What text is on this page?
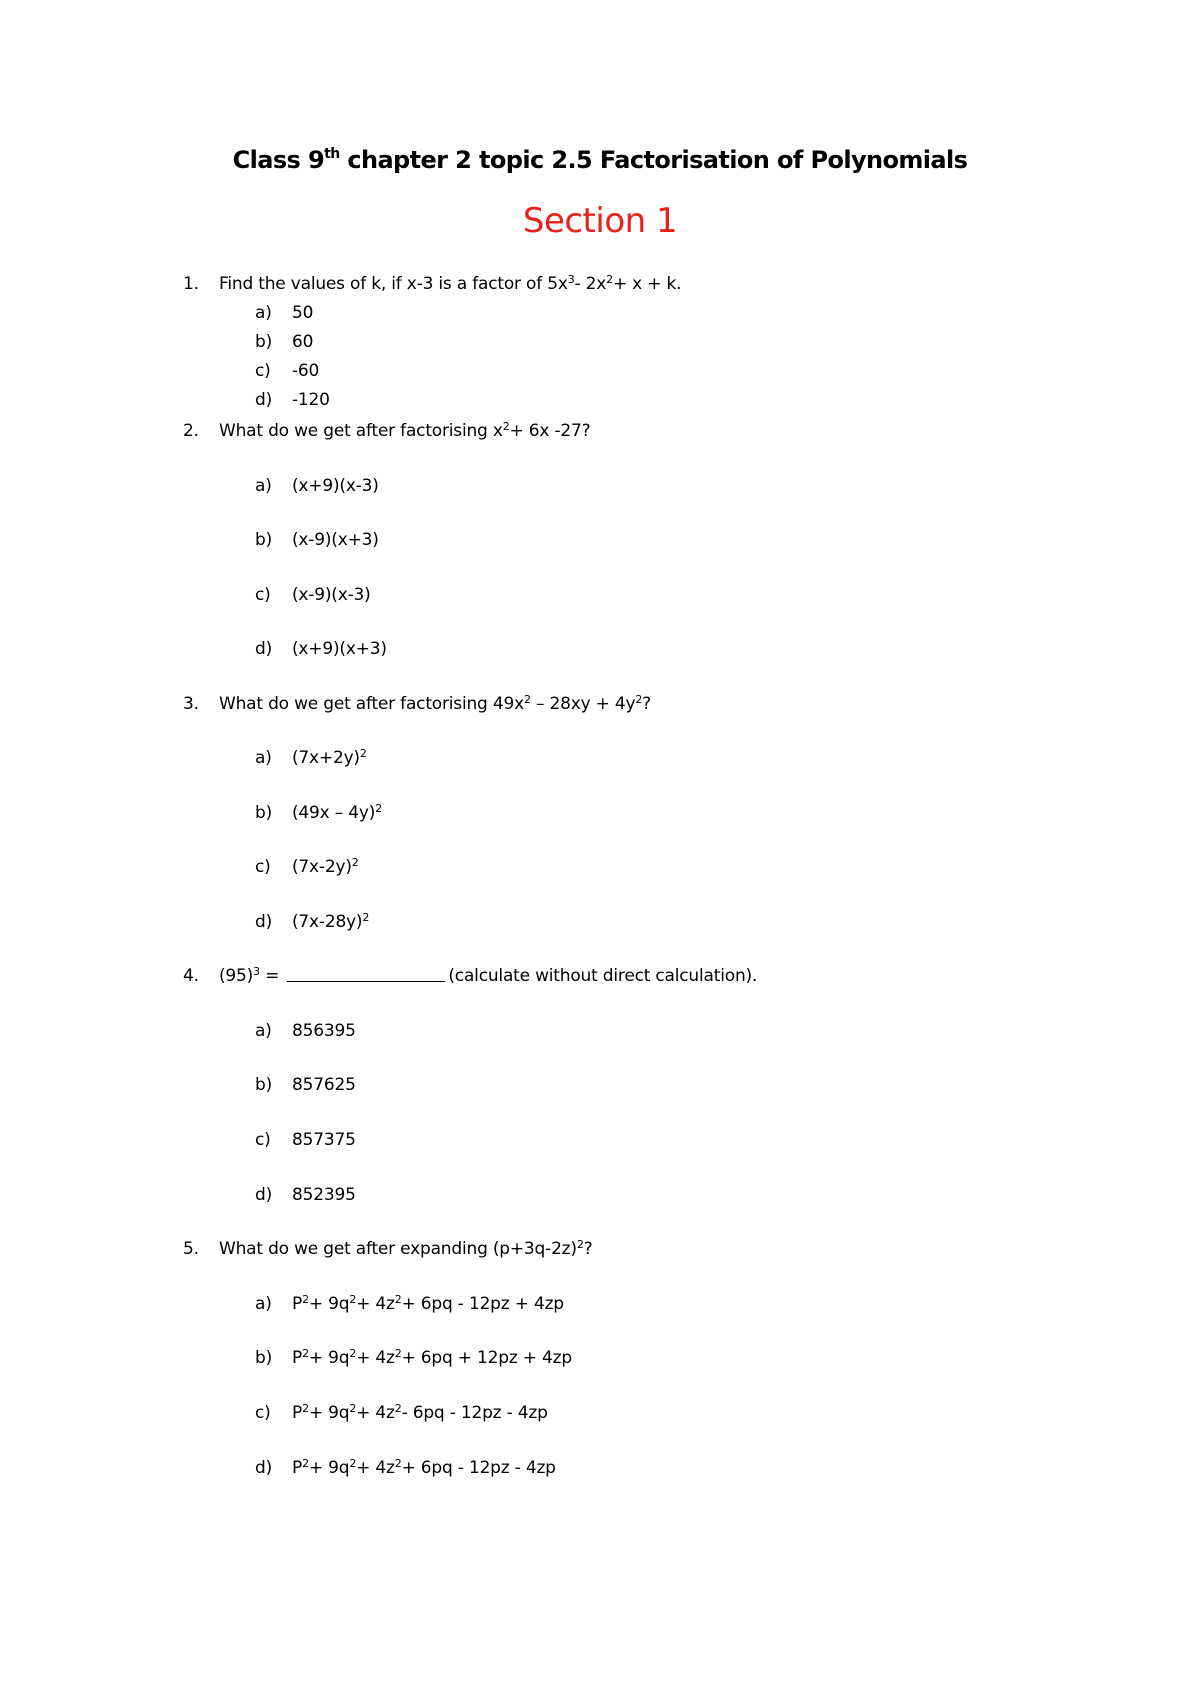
Class 9th chapter 2 topic 2.5 Factorisation of Polynomials
Section 1
1. Find the values of k, if x-3 is a factor of $5x^3-$ $2x^2+ x + k$.
a) 50
b) 60
c) -60
d) -120
2. What do we get after factorising $x^2+ 6x$ -27?
a) (x+9)(x-3)
b) (x-9)(x+3)
c) (x-9)(x-3)
d) (x+9)(x+3)
3. What do we get after factorising $49x^2 - 28xy + 4y^2$?
a) $(7x+2y)^2$
b) (49x – 4y)$^2$
c) $(7x-2y)^2$
d) $(7x-28y)^2$
4. $(95)^3$ =	(calculate without direct calculation).
a) 856395
b) 857625
c) 857375
d) 852395
5. What do we get after expanding $(p+3q-2z)^2$?
a) $P^2+ 9q^2+ 4z^2+ 6pq - 12pz + 4zp$
b) $P^2+ 9q^2+ 4z^2+ 6pq + 12pz + 4zp$
c) $P^2+ 9q^2+ 4z^2-$ 6pq - 12pz - 4zp
d) $P^2+ 9q^2+ 4z^2+ 6pq - 12pz - 4zp$
